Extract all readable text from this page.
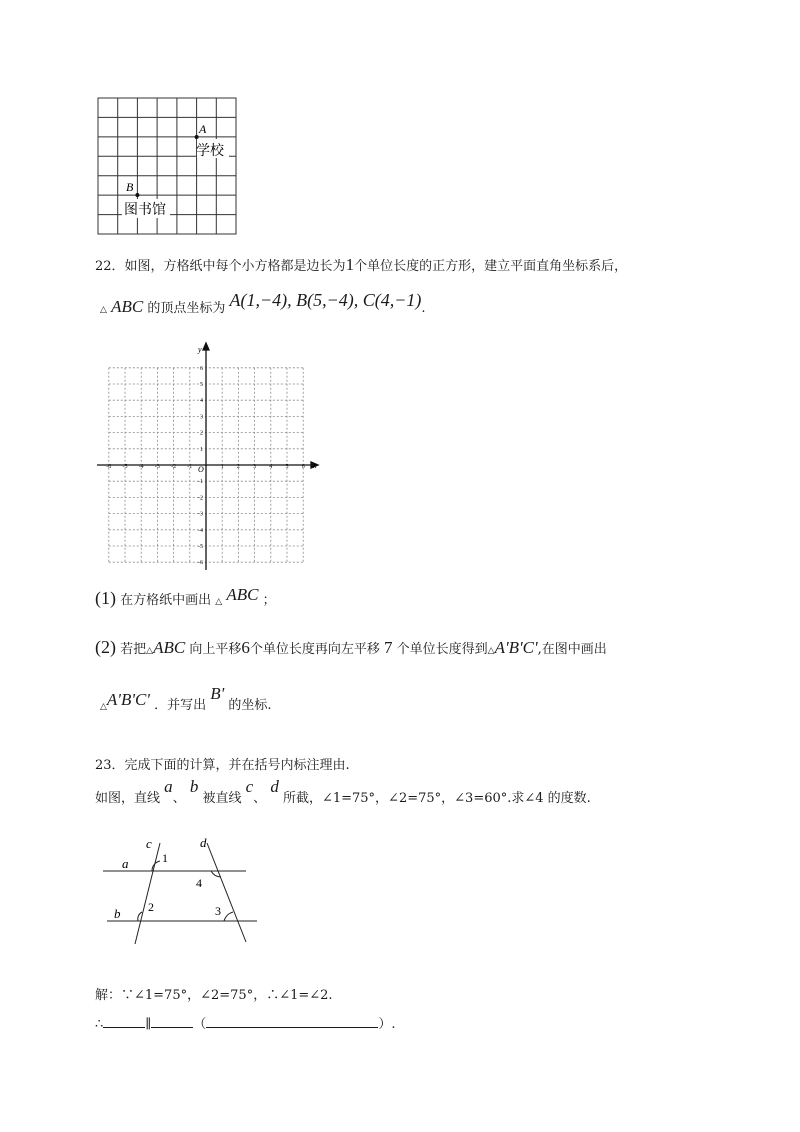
A
学校
B
图书馆
22．如图，方格纸中每个小方格都是边长为1个单位长度的正方形，建立平面直角坐标系后，
△ ABC 的顶点坐标为 A(1,−4), B(5,−4), C(4,−1).
x
y
O
-6 -5 -4 -3 -2 -1	1 2 3 4 5 6
6
5
4
3
2
1
-1
-2
-3
-4
-5
-6
(1) 在方格纸中画出 △ ABC ；
(2) 若把△ABC 向上平移6个单位长度再向左平移 7 个单位长度得到△A'B'C',在图中画出
△A'B'C' ．并写出 B' 的坐标.
23．完成下面的计算，并在括号内标注理由.
如图，直线 a、 b 被直线 c、 d 所截，∠1=75°，∠2=75°，∠3=60°.求∠4 的度数.
a
b
c	d
1
2	3
4
解：∵∠1=75°，∠2=75°，∴∠1=∠2.
∴	∥	（	）.
